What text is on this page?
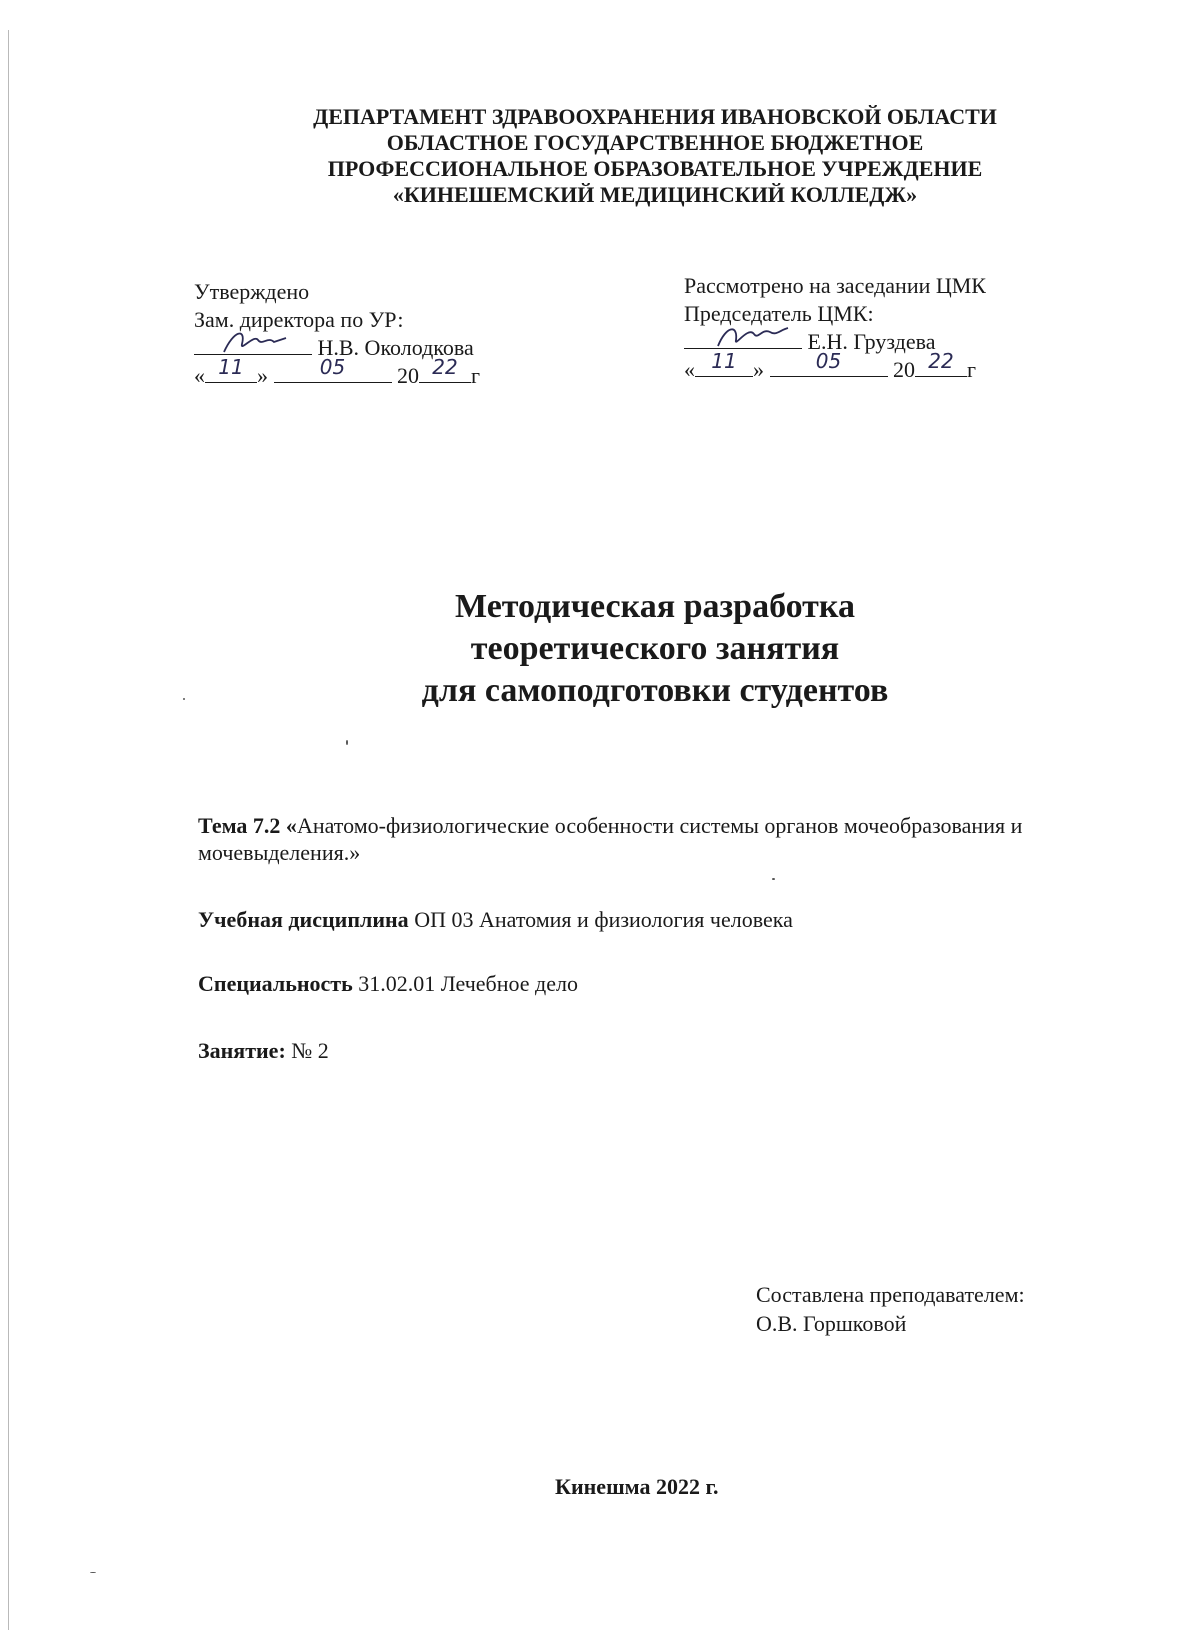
ДЕПАРТАМЕНТ ЗДРАВООХРАНЕНИЯ ИВАНОВСКОЙ ОБЛАСТИ
ОБЛАСТНОЕ ГОСУДАРСТВЕННОЕ БЮДЖЕТНОЕ
ПРОФЕССИОНАЛЬНОЕ ОБРАЗОВАТЕЛЬНОЕ УЧРЕЖДЕНИЕ
«КИНЕШЕМСКИЙ МЕДИЦИНСКИЙ КОЛЛЕДЖ»
Утверждено
Зам. директора по УР:
Н.В. Околодкова
« 11 »	05	20 22 г
Рассмотрено на заседании ЦМК
Председатель ЦМК:
Е.Н. Груздева
« 11 »	05	20 22 г
Методическая разработка
теоретического занятия
для самоподготовки студентов
Тема 7.2 «Анатомо-физиологические особенности системы органов мочеобразования и мочевыделения.»
Учебная дисциплина ОП 03 Анатомия и физиология человека
Специальность 31.02.01 Лечебное дело
Занятие: № 2
Составлена преподавателем:
О.В. Горшковой
Кинешма 2022 г.
